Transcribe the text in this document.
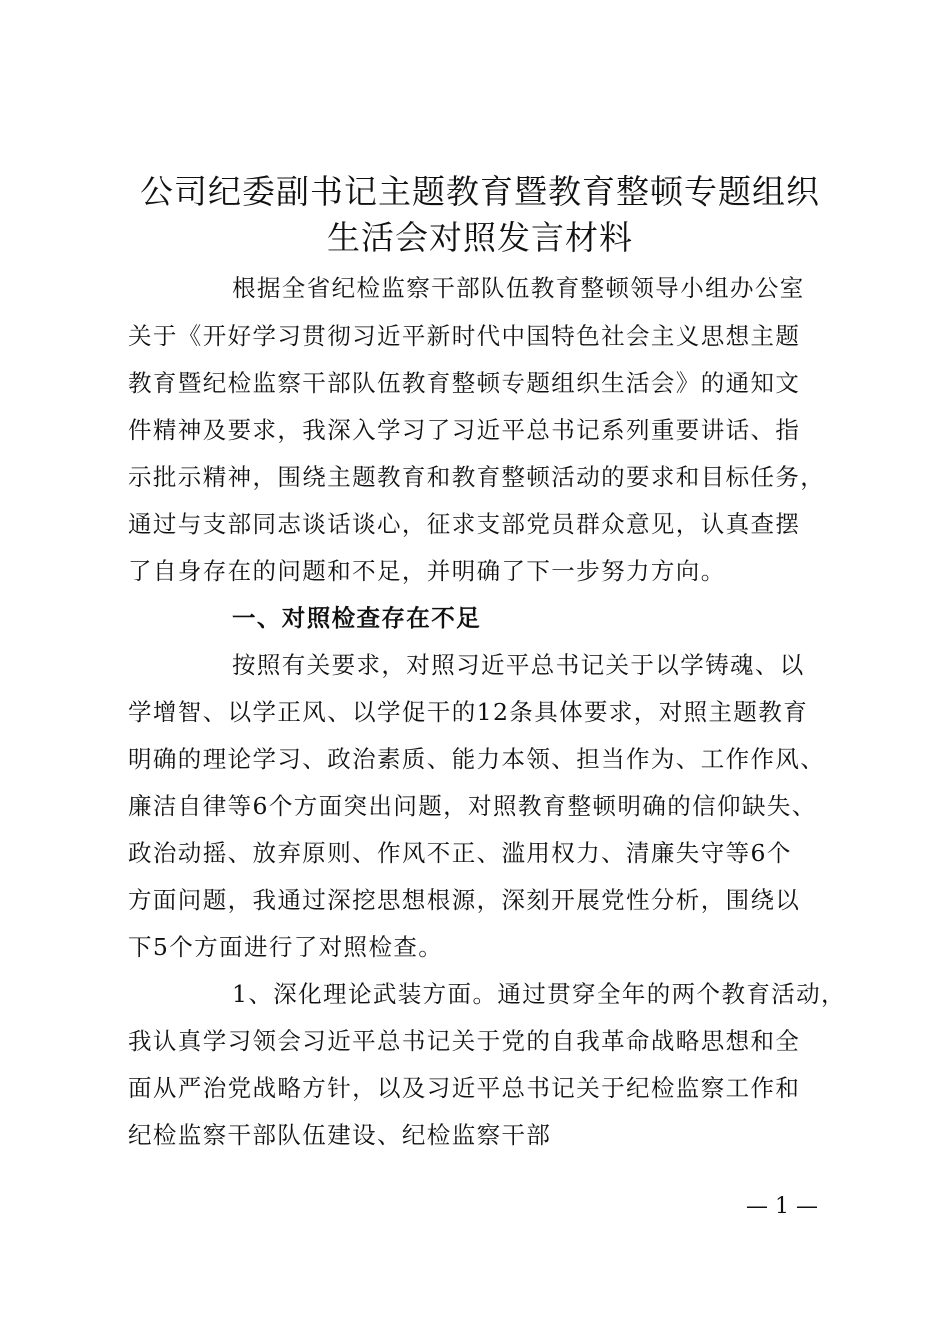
公司纪委副书记主题教育暨教育整顿专题组织
生活会对照发言材料
根据全省纪检监察干部队伍教育整顿领导小组办公室
关于《开好学习贯彻习近平新时代中国特色社会主义思想主题
教育暨纪检监察干部队伍教育整顿专题组织生活会》的通知文
件精神及要求，我深入学习了习近平总书记系列重要讲话、指
示批示精神，围绕主题教育和教育整顿活动的要求和目标任务，
通过与支部同志谈话谈心，征求支部党员群众意见，认真查摆
了自身存在的问题和不足，并明确了下一步努力方向。
一、对照检查存在不足
按照有关要求，对照习近平总书记关于以学铸魂、以
学增智、以学正风、以学促干的12条具体要求，对照主题教育
明确的理论学习、政治素质、能力本领、担当作为、工作作风、
廉洁自律等6个方面突出问题，对照教育整顿明确的信仰缺失、
政治动摇、放弃原则、作风不正、滥用权力、清廉失守等6个
方面问题，我通过深挖思想根源，深刻开展党性分析，围绕以
下5个方面进行了对照检查。
1、深化理论武装方面。通过贯穿全年的两个教育活动，
我认真学习领会习近平总书记关于党的自我革命战略思想和全
面从严治党战略方针，以及习近平总书记关于纪检监察工作和
纪检监察干部队伍建设、纪检监察干部
— 1 —
